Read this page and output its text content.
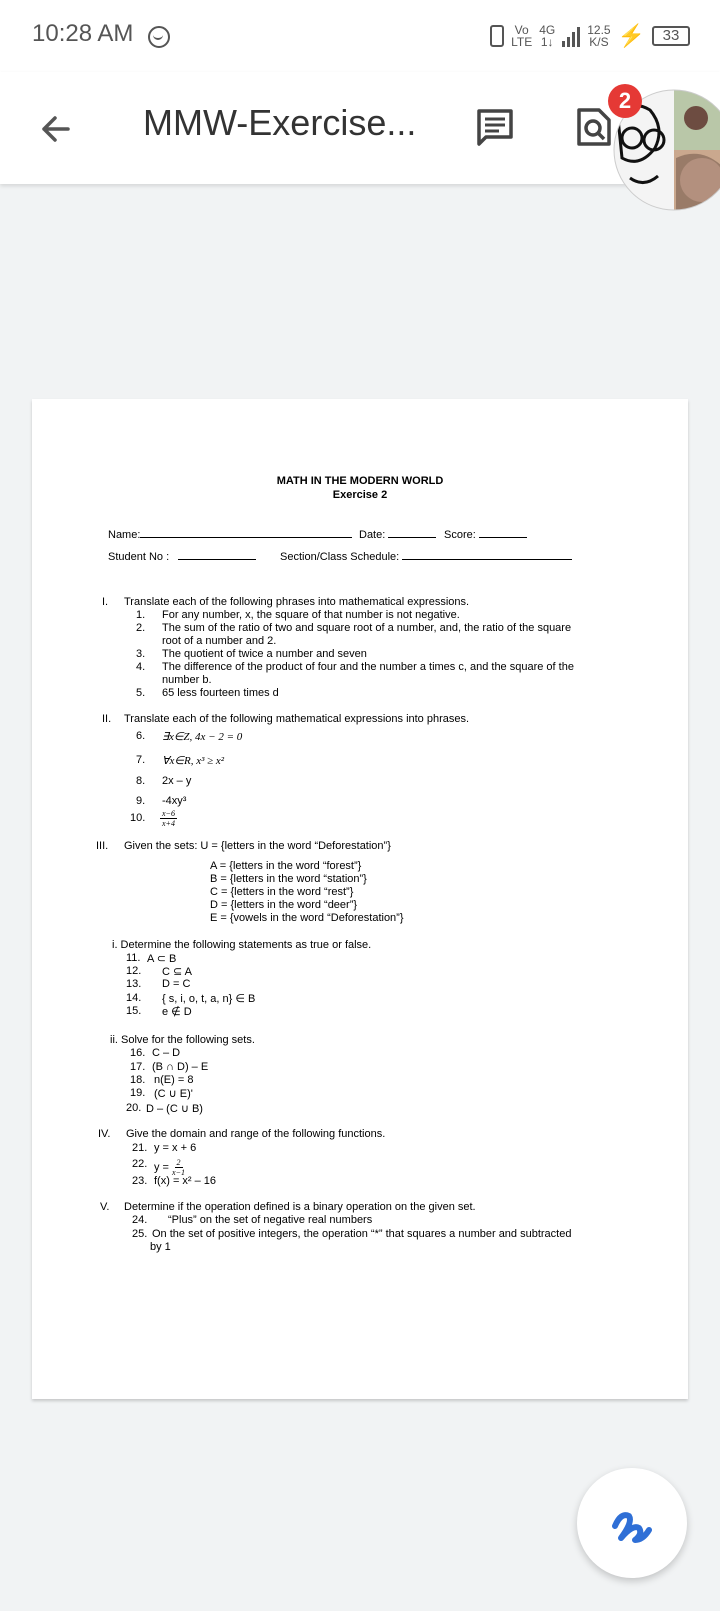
10:28 AM	Vo
LTE
4G
1↓
12.5
K/S ⚡	33
MMW-Exercise...
2
MATH IN THE MODERN WORLD
Exercise 2
Name:	Date:	Score:
Student No :	Section/Class Schedule:
I. Translate each of the following phrases into mathematical expressions.
1. For any number, x, the square of that number is not negative.
2. The sum of the ratio of two and square root of a number, and, the ratio of the square
root of a number and 2.
3. The quotient of twice a number and seven
4. The difference of the product of four and the number a times c, and the square of the
number b.
5. 65 less fourteen times d
II. Translate each of the following mathematical expressions into phrases.
6. ∃x∈Z, 4x − 2 = 0
7. ∀x∈R, x³ ≥ x²
8. 2x – y
9. -4xy³
10. $\frac{x-6}{x+4}$
III. Given the sets: U = {letters in the word “Deforestation”}
A = {letters in the word “forest”}
B = {letters in the word “station”}
C = {letters in the word “rest”}
D = {letters in the word “deer”}
E = {vowels in the word “Deforestation”}
i. Determine the following statements as true or false.
11. A ⊂ B
12. C ⊆ A
13. D = C
14. { s, i, o, t, a, n} ∈ B
15. e ∉ D
ii. Solve for the following sets.
16. C – D
17. (B ∩ D) – E
18. n(E) = 8
19. (C ∪ E)'
20. D – (C ∪ B)
IV. Give the domain and range of the following functions.
21. y = x + 6
22. $y = \frac{2}{x-1}$
23. f(x) = x² – 16
V. Determine if the operation defined is a binary operation on the given set.
24. “Plus” on the set of negative real numbers
25. On the set of positive integers, the operation “*” that squares a number and subtracted
by 1
